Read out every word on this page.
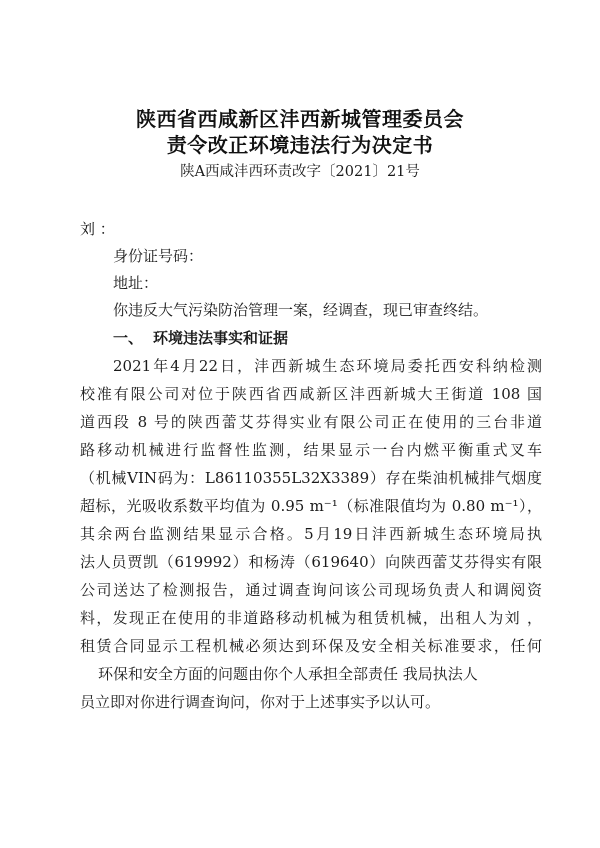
陕西省西咸新区沣西新城管理委员会
责令改正环境违法行为决定书
陕A西咸沣西环责改字〔2021〕21号
刘 ：
身份证号码：
地址：
你违反大气污染防治管理一案，经调查，现已审查终结。
一、 环境违法事实和证据
2021年4月22日，沣西新城生态环境局委托西安科纳检测
校准有限公司对位于陕西省西咸新区沣西新城大王街道 108 国
道西段 8 号的陕西蕾艾芬得实业有限公司正在使用的三台非道
路移动机械进行监督性监测，结果显示一台内燃平衡重式叉车
（机械VIN码为：L86110355L32X3389）存在柴油机械排气烟度
超标，光吸收系数平均值为 0.95 m⁻¹（标准限值均为 0.80 m⁻¹），
其余两台监测结果显示合格。5月19日沣西新城生态环境局执
法人员贾凯（619992）和杨涛（619640）向陕西蕾艾芬得实有限
公司送达了检测报告，通过调查询问该公司现场负责人和调阅资
料，发现正在使用的非道路移动机械为租赁机械，出租人为刘 ，
租赁合同显示工程机械必须达到环保及安全相关标准要求，任何
环保和安全方面的问题由你个人承担全部责任 我局执法人
员立即对你进行调查询问，你对于上述事实予以认可。
